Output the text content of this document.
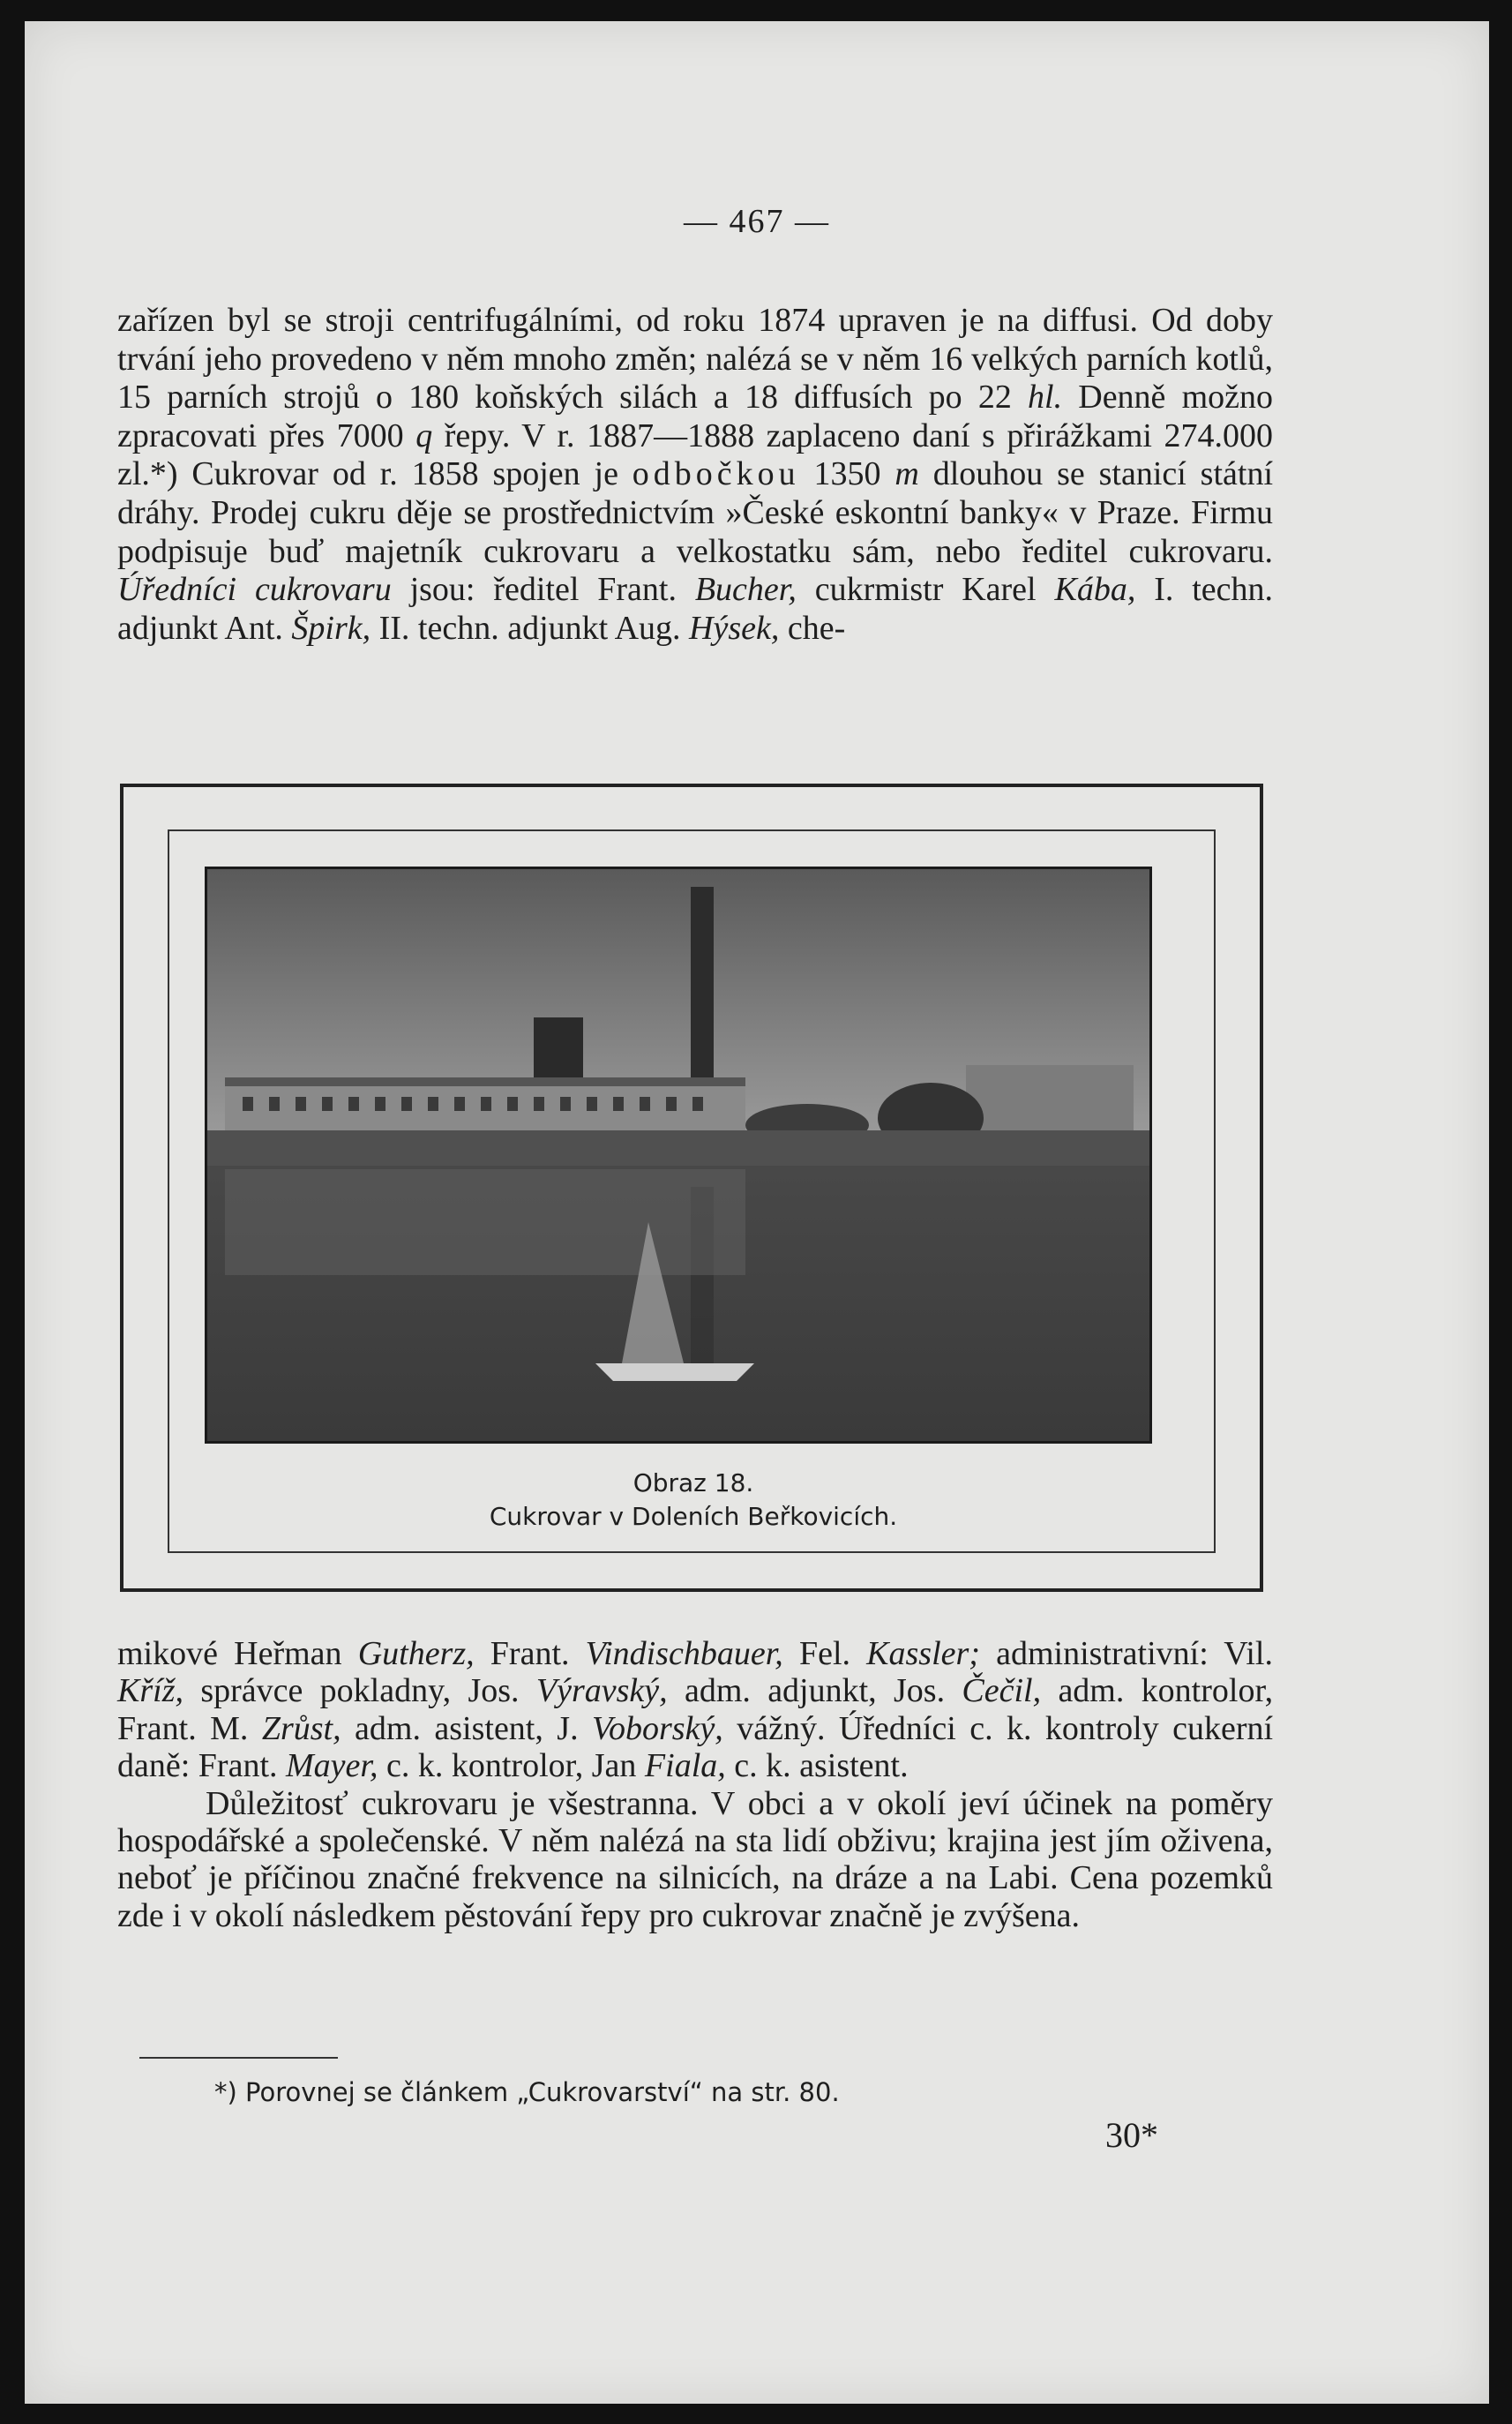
— 467 —

zařízen byl se stroji centrifugálními, od roku 1874 upraven je na diffusi. Od doby trvání jeho provedeno v něm mnoho změn; nalézá se v něm 16 velkých parních kotlů, 15 parních strojů o 180 koňských silách a 18 diffusích po 22 hl. Denně možno zpracovati přes 7000 q řepy. V r. 1887—1888 zaplaceno daní s přirážkami 274.000 zl.*) Cukrovar od r. 1858 spojen je odbočkou 1350 m dlouhou se stanicí státní dráhy. Prodej cukru děje se prostřednictvím »České eskontní banky« v Praze. Firmu podpisuje buď majetník cukrovaru a velkostatku sám, nebo ředitel cukrovaru. Úředníci cukrovaru jsou: ředitel Frant. Bucher, cukrmistr Karel Kába, I. techn. adjunkt Ant. Špirk, II. techn. adjunkt Aug. Hýsek, che-

Obraz 18.
Cukrovar v Doleních Beřkovicích.

mikové Heřman Gutherz, Frant. Vindischbauer, Fel. Kassler; administrativní: Vil. Kříž, správce pokladny, Jos. Výravský, adm. adjunkt, Jos. Čečil, adm. kontrolor, Frant. M. Zrůst, adm. asistent, J. Voborský, vážný. Úředníci c. k. kontroly cukerní daně: Frant. Mayer, c. k. kontrolor, Jan Fiala, c. k. asistent.
Důležitosť cukrovaru je všestranna. V obci a v okolí jeví účinek na poměry hospodářské a společenské. V něm nalézá na sta lidí obživu; krajina jest jím oživena, neboť je příčinou značné frekvence na silnicích, na dráze a na Labi. Cena pozemků zde i v okolí následkem pěstování řepy pro cukrovar značně je zvýšena.

*) Porovnej se článkem „Cukrovarství“ na str. 80.
30*
